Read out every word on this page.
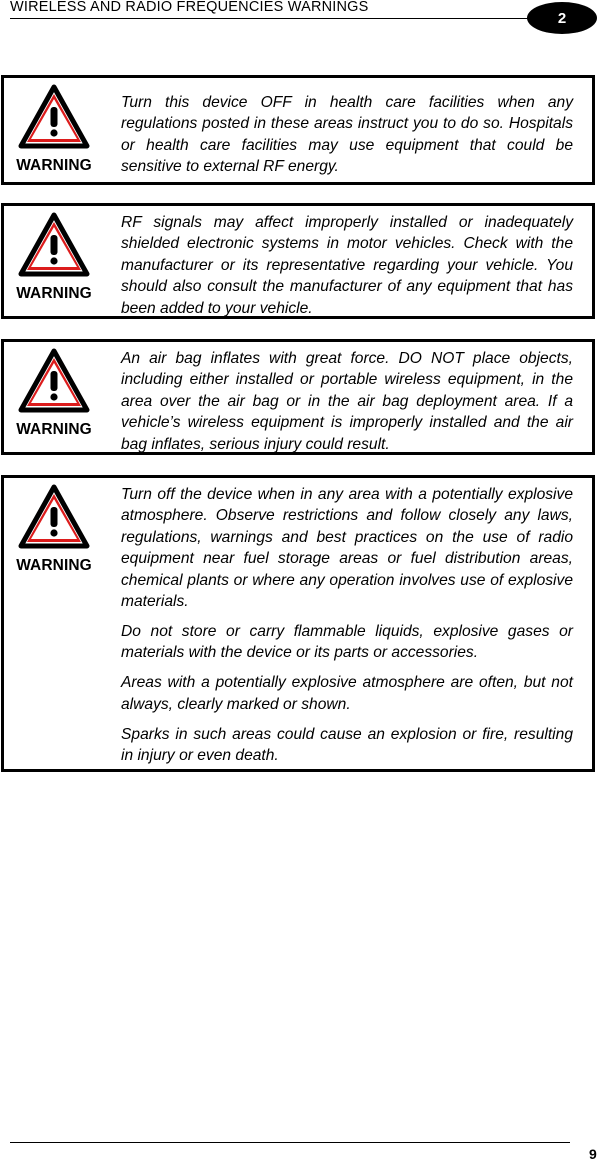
WIRELESS AND RADIO FREQUENCIES WARNINGS
2
WARNING

Turn this device OFF in health care facilities when any regulations posted in these areas instruct you to do so. Hospitals or health care facilities may use equipment that could be sensitive to external RF energy.

WARNING

RF signals may affect improperly installed or inadequately shielded electronic systems in motor vehicles. Check with the manufacturer or its representative regarding your vehicle. You should also consult the manufacturer of any equipment that has been added to your vehicle.

WARNING

An air bag inflates with great force. DO NOT place objects, including either installed or portable wireless equipment, in the area over the air bag or in the air bag deployment area. If a vehicle’s wireless equipment is improperly installed and the air bag inflates, serious injury could result.

WARNING

Turn off the device when in any area with a potentially explosive atmosphere. Observe restrictions and follow closely any laws, regulations, warnings and best practices on the use of radio equipment near fuel storage areas or fuel distribution areas, chemical plants or where any operation involves use of explosive materials.

Do not store or carry flammable liquids, explosive gases or materials with the device or its parts or accessories.

Areas with a potentially explosive atmosphere are often, but not always, clearly marked or shown.

Sparks in such areas could cause an explosion or fire, resulting in injury or even death.

9
